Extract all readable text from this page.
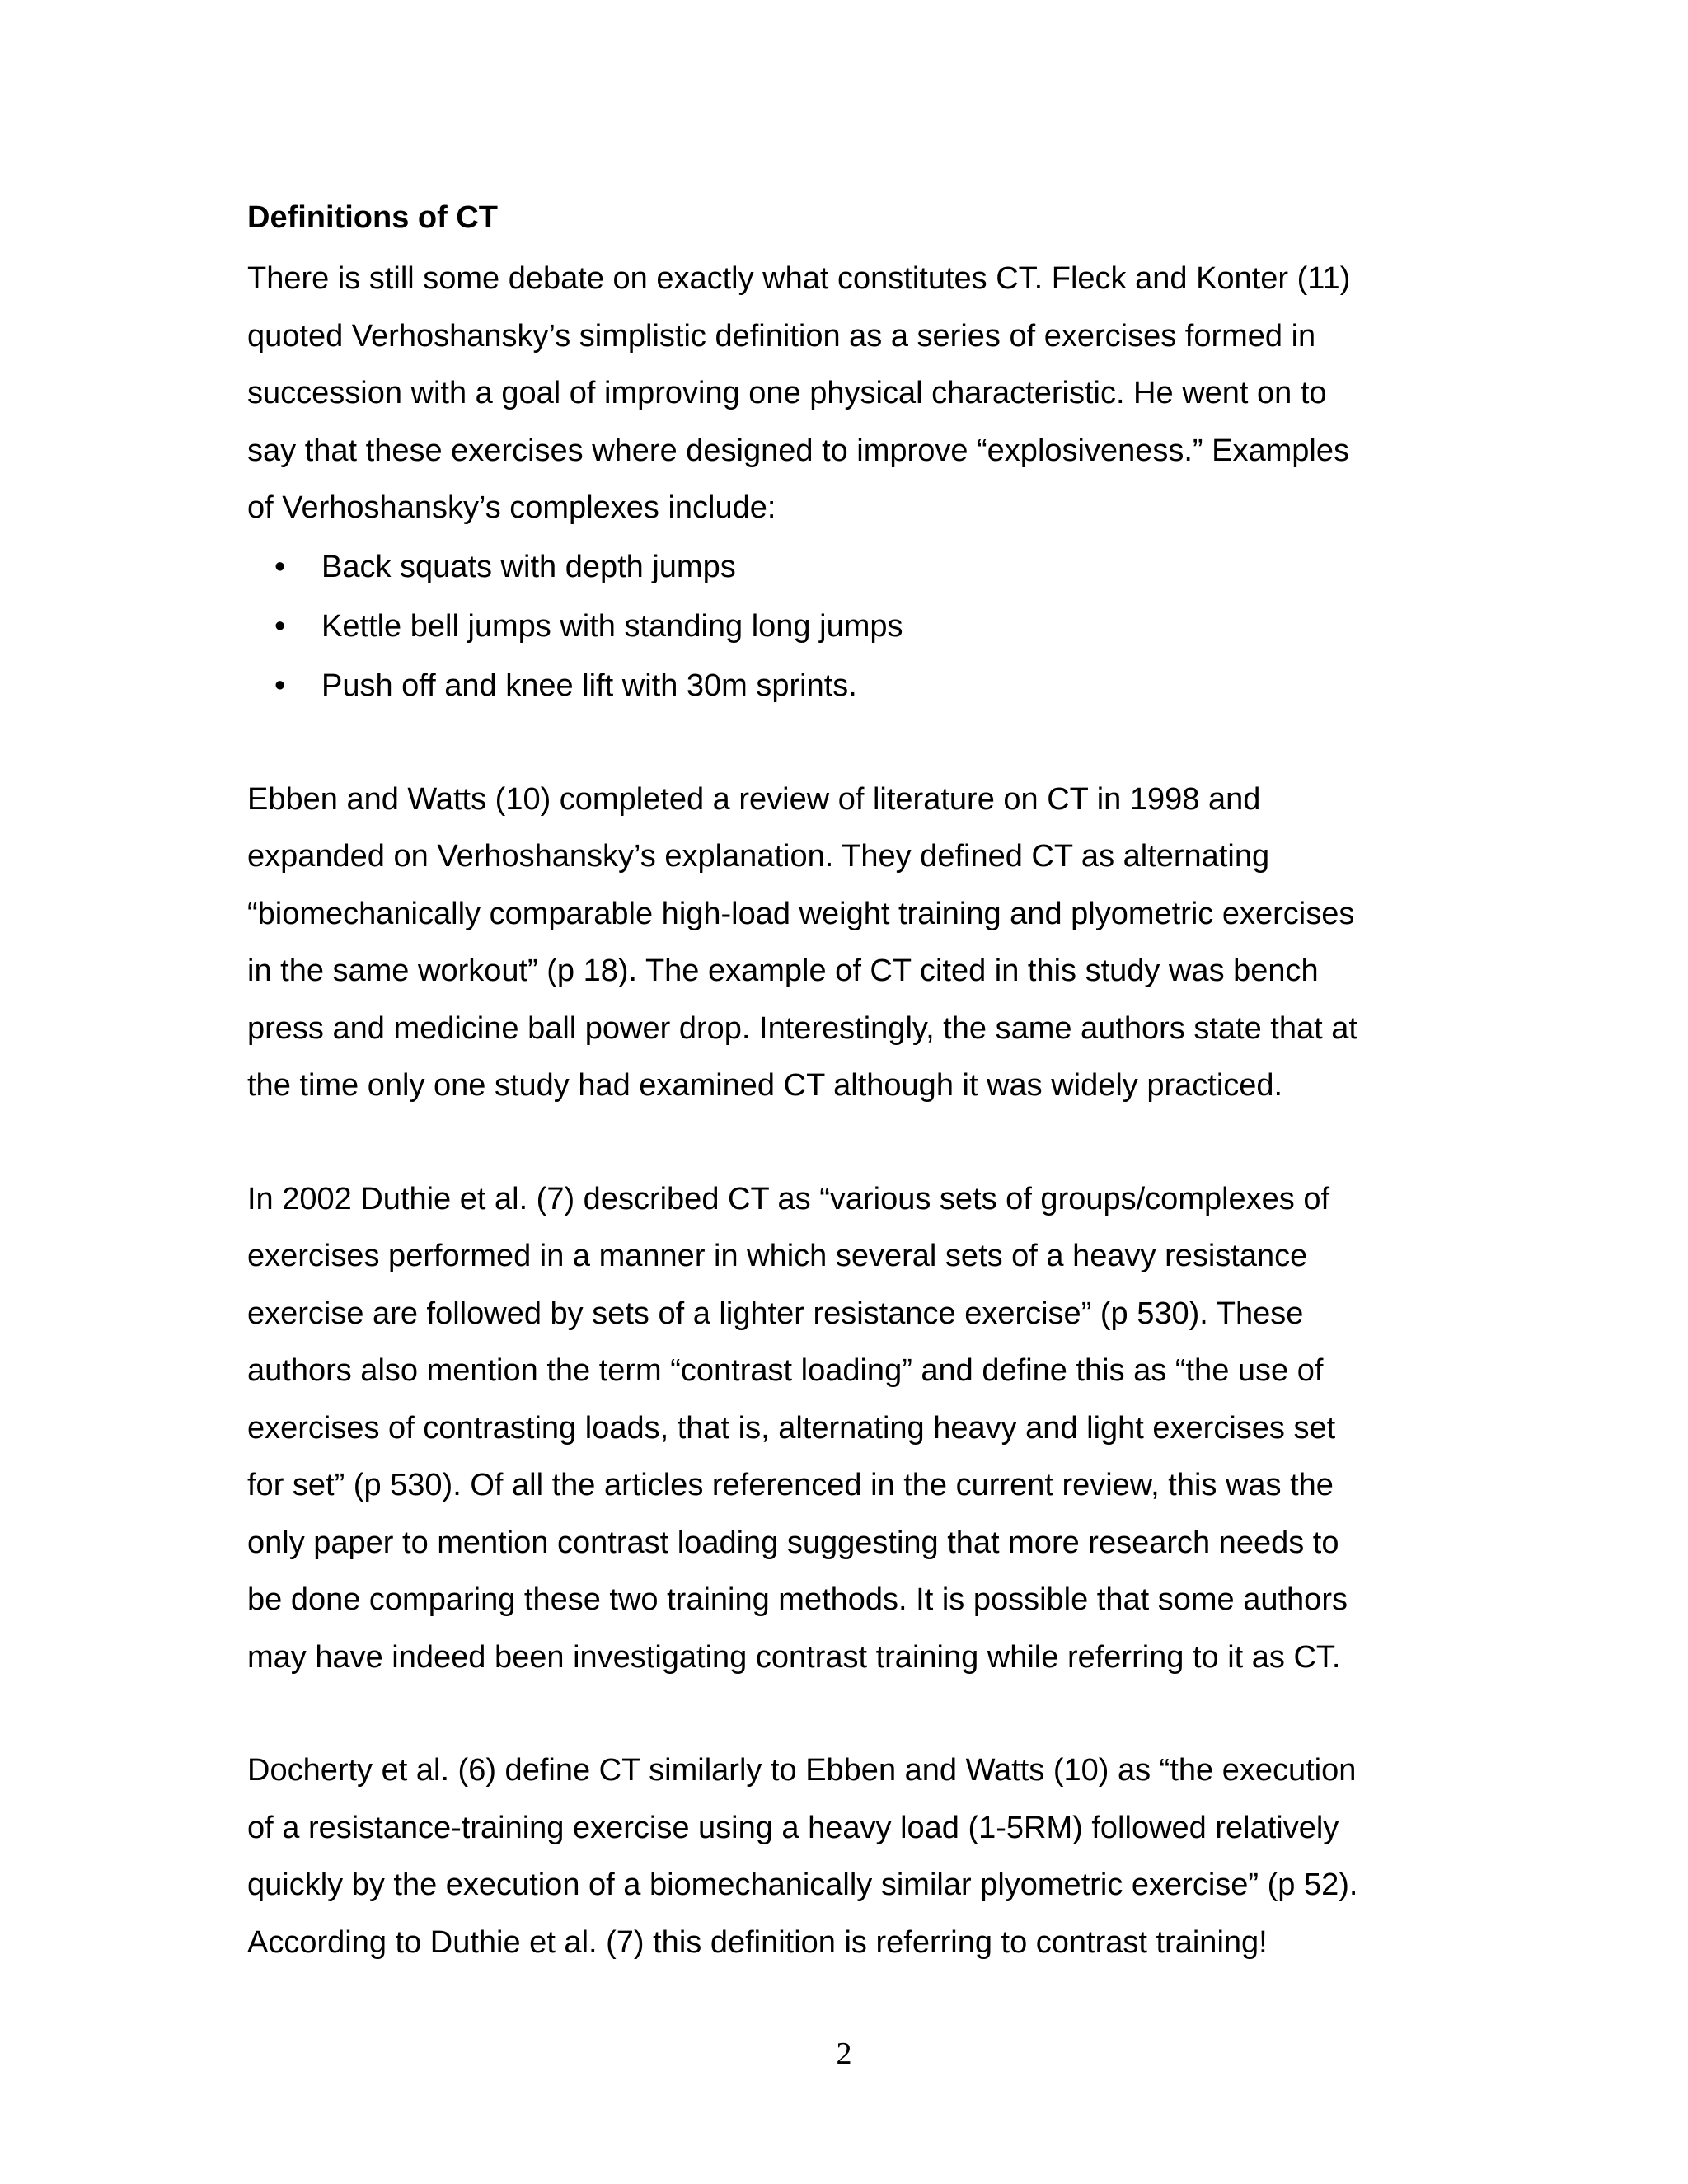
Definitions of CT

There is still some debate on exactly what constitutes CT. Fleck and Konter (11)

quoted Verhoshansky’s simplistic definition as a series of exercises formed in

succession with a goal of improving one physical characteristic. He went on to

say that these exercises where designed to improve “explosiveness.” Examples

of Verhoshansky’s complexes include:

• Back squats with depth jumps
• Kettle bell jumps with standing long jumps
• Push off and knee lift with 30m sprints.

Ebben and Watts (10) completed a review of literature on CT in 1998 and

expanded on Verhoshansky’s explanation. They defined CT as alternating

“biomechanically comparable high-load weight training and plyometric exercises

in the same workout” (p 18). The example of CT cited in this study was bench

press and medicine ball power drop. Interestingly, the same authors state that at

the time only one study had examined CT although it was widely practiced.

In 2002 Duthie et al. (7) described CT as “various sets of groups/complexes of

exercises performed in a manner in which several sets of a heavy resistance

exercise are followed by sets of a lighter resistance exercise” (p 530). These

authors also mention the term “contrast loading” and define this as “the use of

exercises of contrasting loads, that is, alternating heavy and light exercises set

for set” (p 530). Of all the articles referenced in the current review, this was the

only paper to mention contrast loading suggesting that more research needs to

be done comparing these two training methods. It is possible that some authors

may have indeed been investigating contrast training while referring to it as CT.

Docherty et al. (6) define CT similarly to Ebben and Watts (10) as “the execution

of a resistance-training exercise using a heavy load (1-5RM) followed relatively

quickly by the execution of a biomechanically similar plyometric exercise” (p 52).

According to Duthie et al. (7) this definition is referring to contrast training!

2
